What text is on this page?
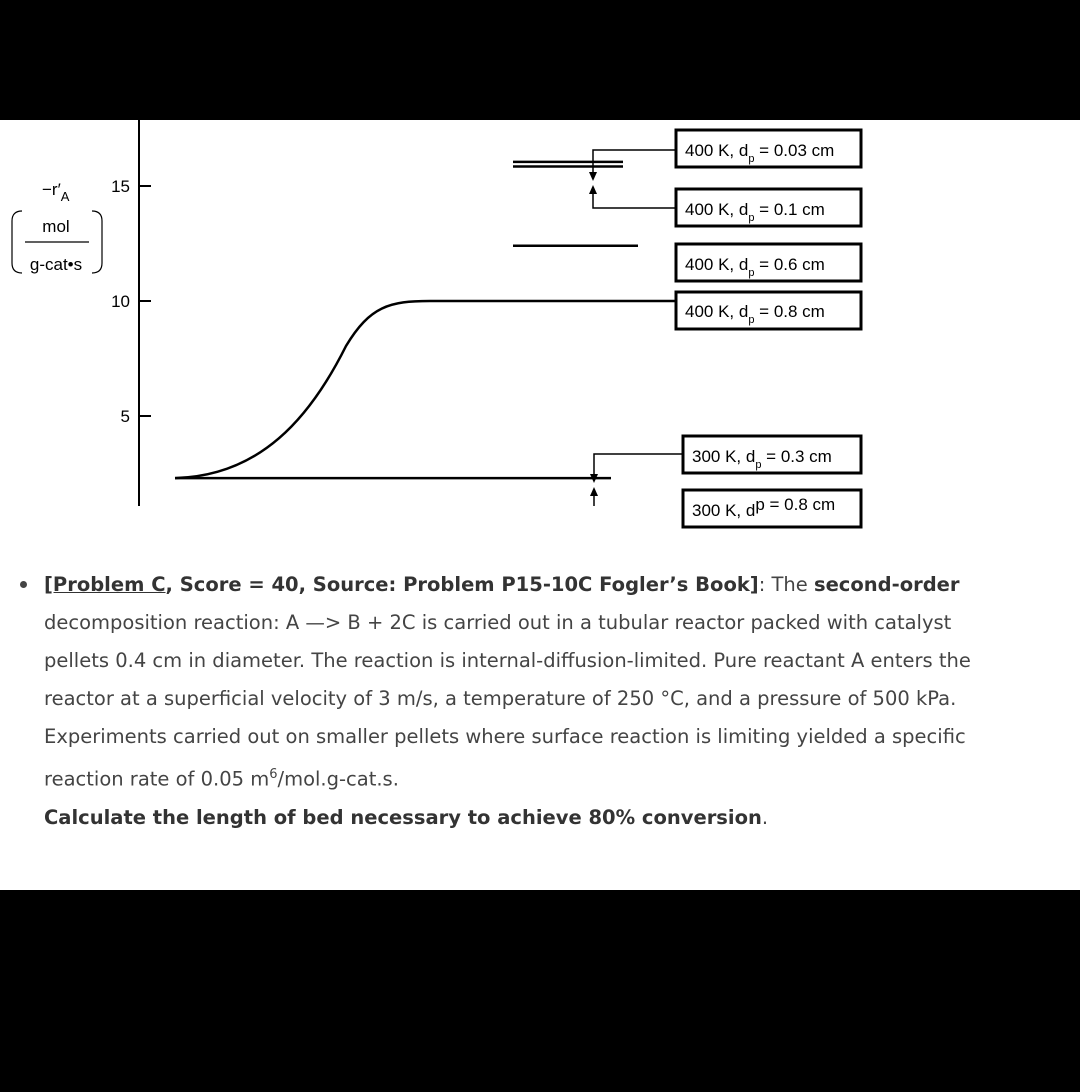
$-r'_A$
mol
g-cat•s
15
10
5
400 K, $d_p = 0.03$ cm
400 K, $d_p = 0.1$ cm
400 K, $d_p = 0.6$ cm
400 K, $d_p = 0.8$ cm
300 K, $d_p = 0.3$ cm
300 K, dp = 0.8 cm
[Problem C, Score = 40, Source: Problem P15-10C Fogler’s Book]: The second-order decomposition reaction: A —> B + 2C is carried out in a tubular reactor packed with catalyst pellets 0.4 cm in diameter. The reaction is internal-diffusion-limited. Pure reactant A enters the reactor at a superficial velocity of 3 m/s, a temperature of 250 °C, and a pressure of 500 kPa. Experiments carried out on smaller pellets where surface reaction is limiting yielded a specific reaction rate of 0.05 $m^6/mol.g-cat.s$.
Calculate the length of bed necessary to achieve 80% conversion.
